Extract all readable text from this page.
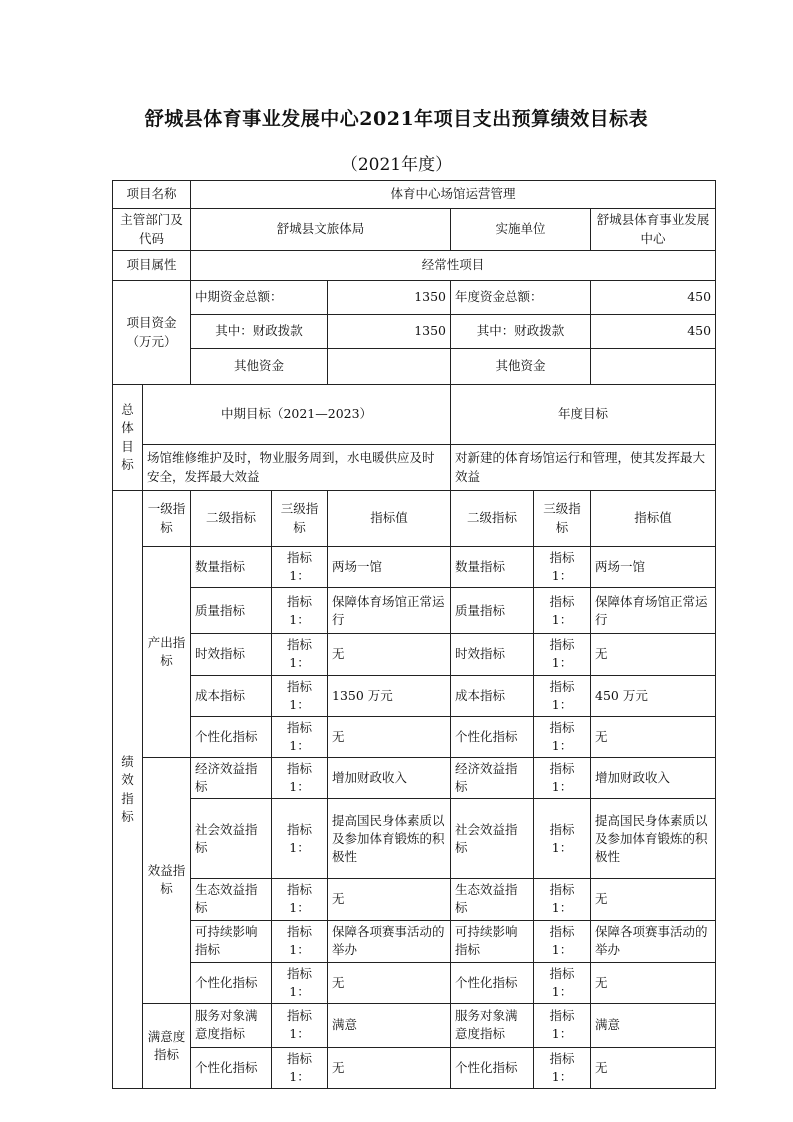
舒城县体育事业发展中心2021年项目支出预算绩效目标表
（2021年度）
项目名称		体育中心场馆运营管理					
主管部门及代码		舒城县文旅体局			实施单位		舒城县体育事业发展中心
项目属性		经常性项目					
项目资金（万元）		中期资金总额：		1350	年度资金总额：		450
		其中：财政拨款		1350	其中：财政拨款		450
		其他资金			其他资金		
总
体
目
标	中期目标（2021—2023）				年度目标		
	场馆维修维护及时，物业服务周到，水电暖供应及时安全，发挥最大效益				对新建的体育场馆运行和管理，使其发挥最大效益		
绩
效
指
标	一级指标	二级指标	三级指标	指标值	二级指标	三级指标	指标值
	产出指标	数量指标	指标 1：	两场一馆	数量指标	指标 1：	两场一馆
		质量指标	指标 1：	保障体育场馆正常运行	质量指标	指标 1：	保障体育场馆正常运行
		时效指标	指标 1：	无	时效指标	指标 1：	无
		成本指标	指标 1：	1350 万元	成本指标	指标 1：	450 万元
		个性化指标	指标 1：	无	个性化指标	指标 1：	无
	效益指标	经济效益指标	指标 1：	增加财政收入	经济效益指标	指标 1：	增加财政收入
		社会效益指标	指标 1：	提高国民身体素质以及参加体育锻炼的积极性	社会效益指标	指标 1：	提高国民身体素质以及参加体育锻炼的积极性
		生态效益指标	指标 1：	无	生态效益指标	指标 1：	无
		可持续影响指标	指标 1：	保障各项赛事活动的举办	可持续影响指标	指标 1：	保障各项赛事活动的举办
		个性化指标	指标 1：	无	个性化指标	指标 1：	无
	满意度指标	服务对象满意度指标	指标 1：	满意	服务对象满意度指标	指标 1：	满意
		个性化指标	指标 1：	无	个性化指标	指标 1：	无
